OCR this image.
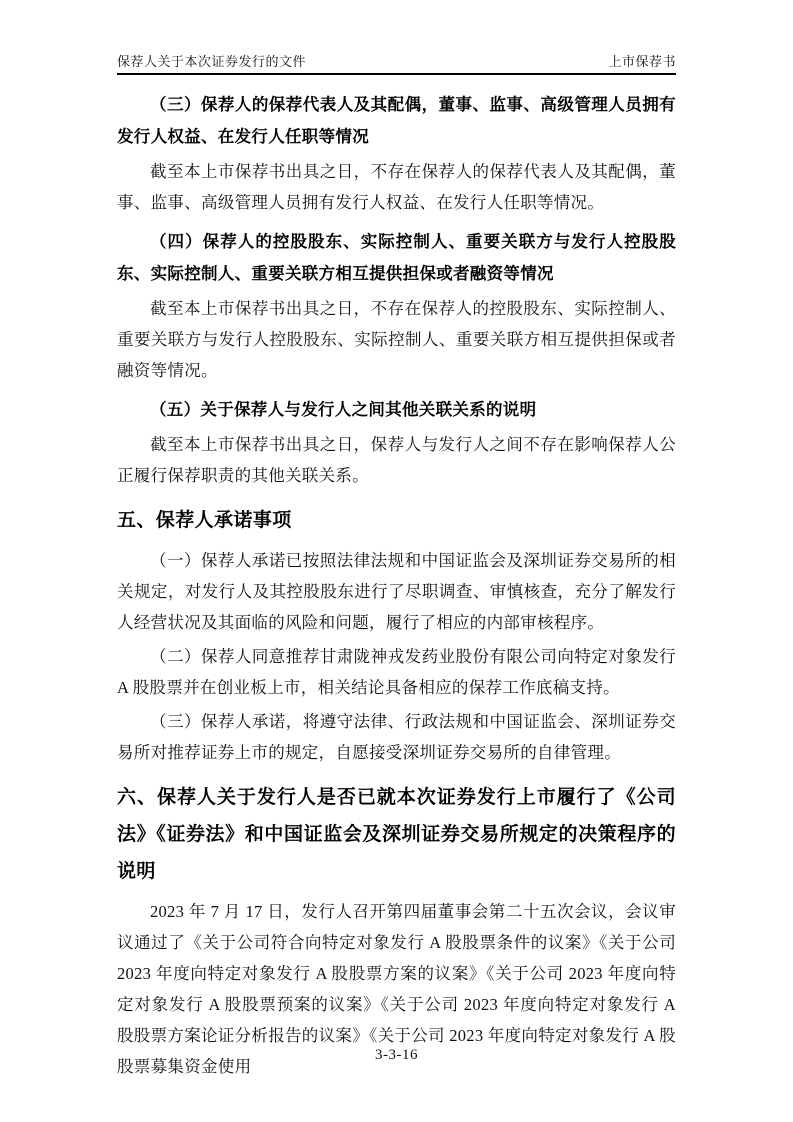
保荐人关于本次证券发行的文件	上市保荐书
（三）保荐人的保荐代表人及其配偶，董事、监事、高级管理人员拥有发行人权益、在发行人任职等情况

截至本上市保荐书出具之日，不存在保荐人的保荐代表人及其配偶，董事、监事、高级管理人员拥有发行人权益、在发行人任职等情况。

（四）保荐人的控股股东、实际控制人、重要关联方与发行人控股股东、实际控制人、重要关联方相互提供担保或者融资等情况

截至本上市保荐书出具之日，不存在保荐人的控股股东、实际控制人、重要关联方与发行人控股股东、实际控制人、重要关联方相互提供担保或者融资等情况。

（五）关于保荐人与发行人之间其他关联关系的说明

截至本上市保荐书出具之日，保荐人与发行人之间不存在影响保荐人公正履行保荐职责的其他关联关系。

五、保荐人承诺事项

（一）保荐人承诺已按照法律法规和中国证监会及深圳证券交易所的相关规定，对发行人及其控股股东进行了尽职调查、审慎核查，充分了解发行人经营状况及其面临的风险和问题，履行了相应的内部审核程序。

（二）保荐人同意推荐甘肃陇神戎发药业股份有限公司向特定对象发行 A 股股票并在创业板上市，相关结论具备相应的保荐工作底稿支持。

（三）保荐人承诺，将遵守法律、行政法规和中国证监会、深圳证券交易所对推荐证券上市的规定，自愿接受深圳证券交易所的自律管理。

六、保荐人关于发行人是否已就本次证券发行上市履行了《公司法》《证券法》和中国证监会及深圳证券交易所规定的决策程序的说明

2023 年 7 月 17 日，发行人召开第四届董事会第二十五次会议，会议审议通过了《关于公司符合向特定对象发行 A 股股票条件的议案》《关于公司 2023 年度向特定对象发行 A 股股票方案的议案》《关于公司 2023 年度向特定对象发行 A 股股票预案的议案》《关于公司 2023 年度向特定对象发行 A 股股票方案论证分析报告的议案》《关于公司 2023 年度向特定对象发行 A 股股票募集资金使用

3-3-16
